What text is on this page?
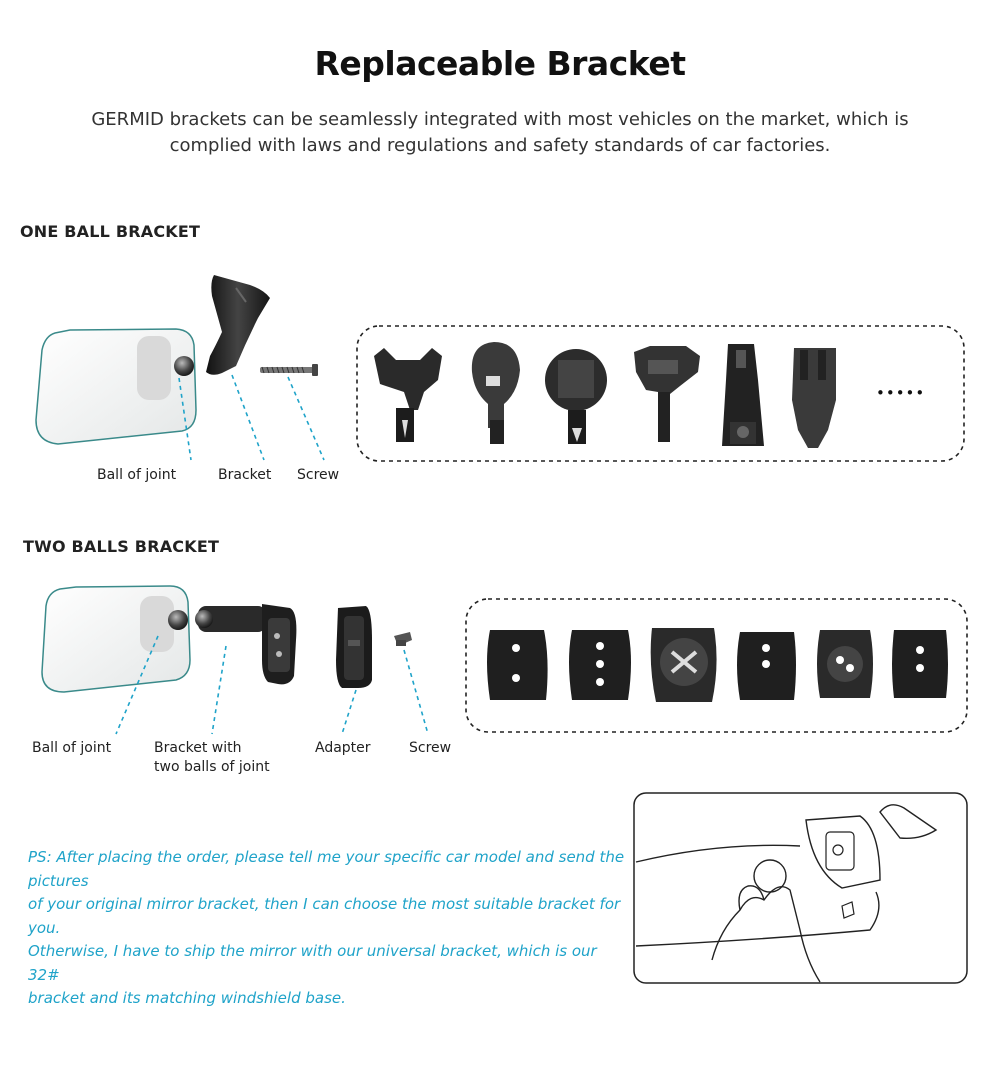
Replaceable Bracket
GERMID brackets can be seamlessly integrated with most vehicles on the market, which is
complied with laws and regulations and safety standards of car factories.
ONE BALL BRACKET
•••••
Ball of joint	Bracket Screw
TWO BALLS BRACKET
Ball of joint	Bracket with
two balls of joint
Adapter	Screw
PS: After placing the order, please tell me your specific car model and send the pictures
of your original mirror bracket, then I can choose the most suitable bracket for you.
Otherwise, I have to ship the mirror with our universal bracket, which is our 32#
bracket and its matching windshield base.
